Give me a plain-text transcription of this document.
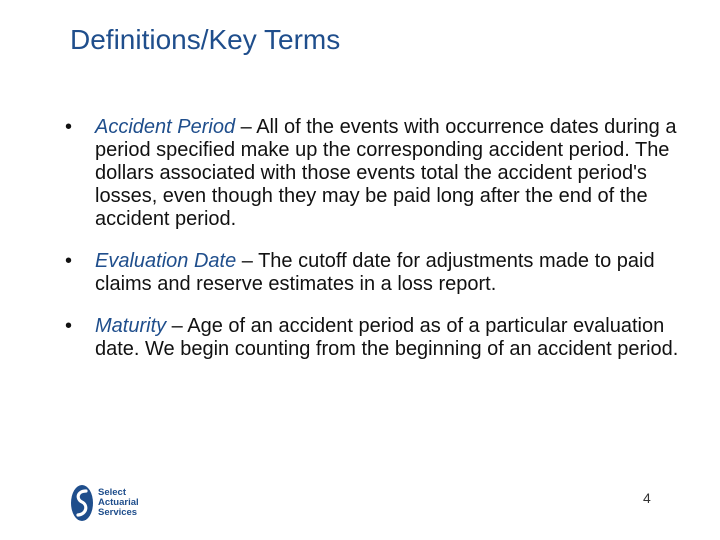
Definitions/Key Terms
• Accident Period – All of the events with occurrence dates during a period specified make up the corresponding accident period. The dollars associated with those events total the accident period's losses, even though they may be paid long after the end of the accident period.
• Evaluation Date – The cutoff date for adjustments made to paid claims and reserve estimates in a loss report.
• Maturity – Age of an accident period as of a particular evaluation date. We begin counting from the beginning of an accident period.
Select
Actuarial
Services
4
